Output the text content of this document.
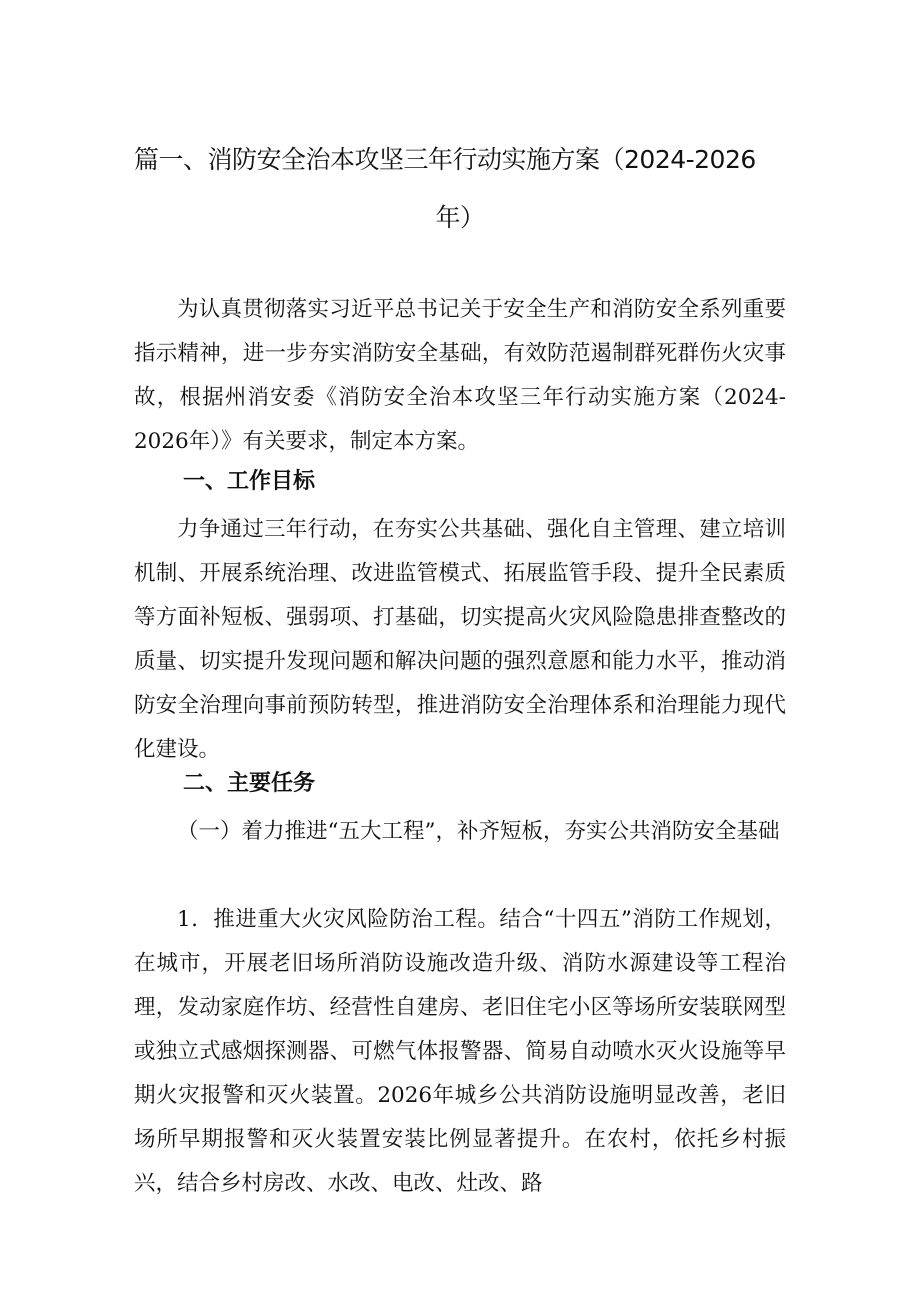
篇一、消防安全治本攻坚三年行动实施方案（2024-2026
年）

为认真贯彻落实习近平总书记关于安全生产和消防安全系列重要指示精神，进一步夯实消防安全基础，有效防范遏制群死群伤火灾事故，根据州消安委《消防安全治本攻坚三年行动实施方案（2024-2026年）》有关要求，制定本方案。

一、工作目标

力争通过三年行动，在夯实公共基础、强化自主管理、建立培训机制、开展系统治理、改进监管模式、拓展监管手段、提升全民素质等方面补短板、强弱项、打基础，切实提高火灾风险隐患排查整改的质量、切实提升发现问题和解决问题的强烈意愿和能力水平，推动消防安全治理向事前预防转型，推进消防安全治理体系和治理能力现代化建设。

二、主要任务

（一）着力推进“五大工程”，补齐短板，夯实公共消防安全基础

1．推进重大火灾风险防治工程。结合“十四五”消防工作规划，在城市，开展老旧场所消防设施改造升级、消防水源建设等工程治理，发动家庭作坊、经营性自建房、老旧住宅小区等场所安装联网型或独立式感烟探测器、可燃气体报警器、简易自动喷水灭火设施等早期火灾报警和灭火装置。2026年城乡公共消防设施明显改善，老旧场所早期报警和灭火装置安装比例显著提升。在农村，依托乡村振兴，结合乡村房改、水改、电改、灶改、路
